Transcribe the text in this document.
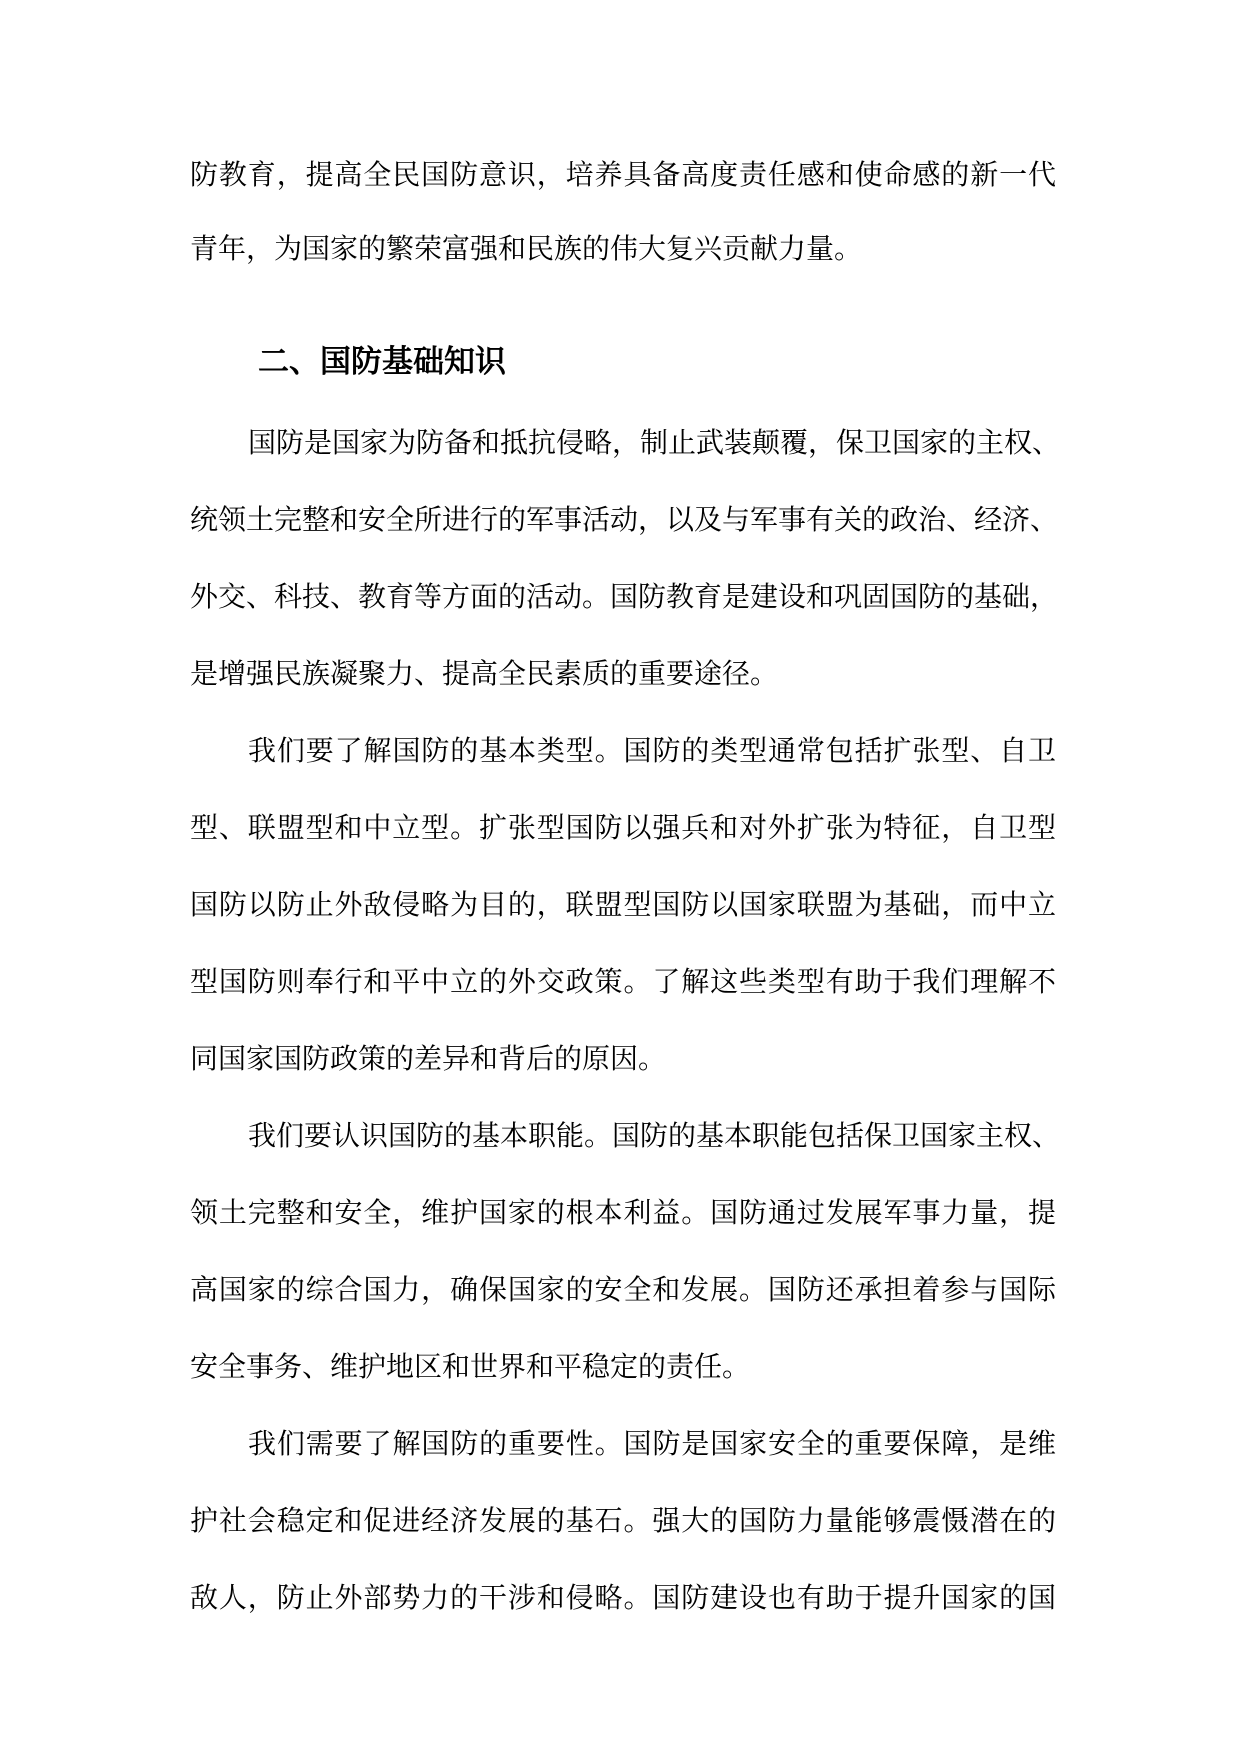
防教育，提高全民国防意识，培养具备高度责任感和使命感的新一代
青年，为国家的繁荣富强和民族的伟大复兴贡献力量。
二、国防基础知识
国防是国家为防备和抵抗侵略，制止武装颠覆，保卫国家的主权、
统领土完整和安全所进行的军事活动，以及与军事有关的政治、经济、
外交、科技、教育等方面的活动。国防教育是建设和巩固国防的基础，
是增强民族凝聚力、提高全民素质的重要途径。
我们要了解国防的基本类型。国防的类型通常包括扩张型、自卫
型、联盟型和中立型。扩张型国防以强兵和对外扩张为特征，自卫型
国防以防止外敌侵略为目的，联盟型国防以国家联盟为基础，而中立
型国防则奉行和平中立的外交政策。了解这些类型有助于我们理解不
同国家国防政策的差异和背后的原因。
我们要认识国防的基本职能。国防的基本职能包括保卫国家主权、
领土完整和安全，维护国家的根本利益。国防通过发展军事力量，提
高国家的综合国力，确保国家的安全和发展。国防还承担着参与国际
安全事务、维护地区和世界和平稳定的责任。
我们需要了解国防的重要性。国防是国家安全的重要保障，是维
护社会稳定和促进经济发展的基石。强大的国防力量能够震慑潜在的
敌人，防止外部势力的干涉和侵略。国防建设也有助于提升国家的国
